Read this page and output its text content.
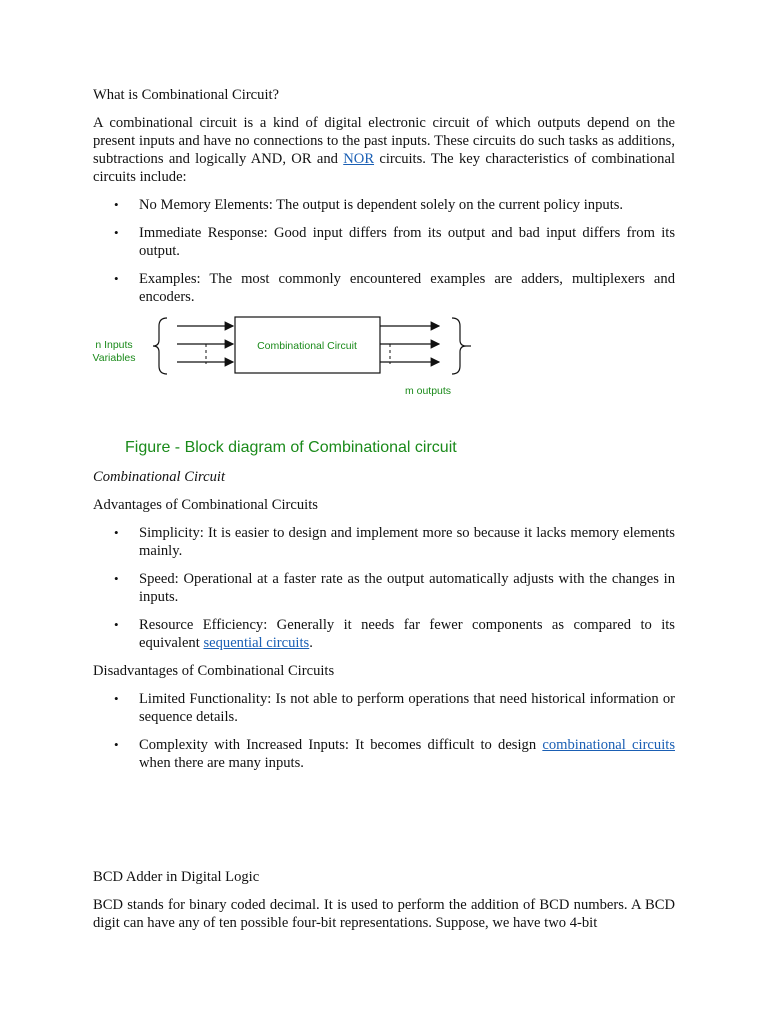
What is Combinational Circuit?

A combinational circuit is a kind of digital electronic circuit of which outputs depend on the present inputs and have no connections to the past inputs. These circuits do such tasks as additions, subtractions and logically AND, OR and NOR circuits. The key characteristics of combinational circuits include:

• No Memory Elements: The output is dependent solely on the current policy inputs.
• Immediate Response: Good input differs from its output and bad input differs from its output.
• Examples: The most commonly encountered examples are adders, multiplexers and encoders.
Combinational Circuit
n Inputs
Variables
m outputs
Figure - Block diagram of Combinational circuit

Combinational Circuit

Advantages of Combinational Circuits

• Simplicity: It is easier to design and implement more so because it lacks memory elements mainly.
• Speed: Operational at a faster rate as the output automatically adjusts with the changes in inputs.
• Resource Efficiency: Generally it needs far fewer components as compared to its equivalent sequential circuits.

Disadvantages of Combinational Circuits

• Limited Functionality: Is not able to perform operations that need historical information or sequence details.
• Complexity with Increased Inputs: It becomes difficult to design combinational circuits when there are many inputs.

BCD Adder in Digital Logic

BCD stands for binary coded decimal. It is used to perform the addition of BCD numbers. A BCD digit can have any of ten possible four-bit representations. Suppose, we have two 4-bit
